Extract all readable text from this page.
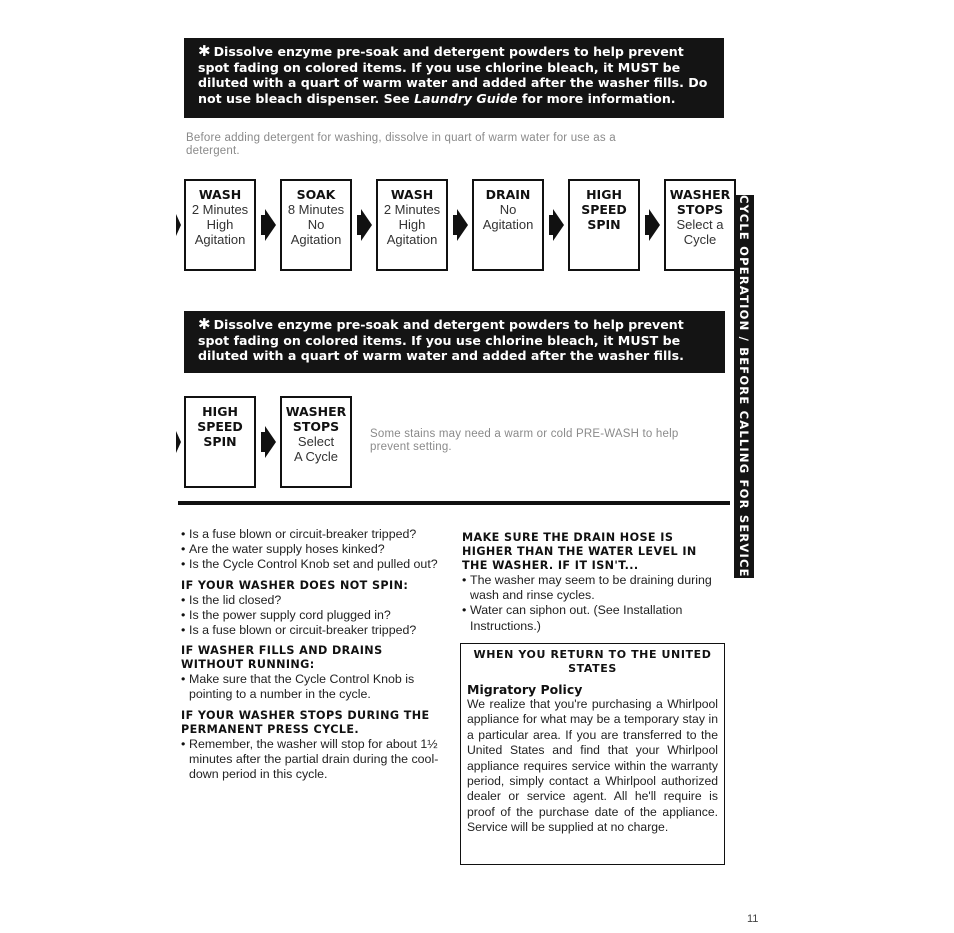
✱ Dissolve enzyme pre-soak and detergent powders to help prevent spot fading on colored items. If you use chlorine bleach, it MUST be diluted with a quart of warm water and added after the washer fills. Do not use bleach dispenser. See Laundry Guide for more information.
Before adding detergent for washing, dissolve in quart of warm water for use as a detergent.
WASH
2 Minutes
High
Agitation
SOAK
8 Minutes
No
Agitation
WASH
2 Minutes
High
Agitation
DRAIN
No
Agitation
HIGH
SPEED
SPIN
WASHER
STOPS
Select a
Cycle	CYCLE OPERATION / BEFORE CALLING FOR SERVICE
✱ Dissolve enzyme pre-soak and detergent powders to help prevent spot fading on colored items. If you use chlorine bleach, it MUST be diluted with a quart of warm water and added after the washer fills.
HIGH
SPEED
SPIN
WASHER
STOPS
Select
A Cycle
Some stains may need a warm or cold PRE-WASH to help prevent setting.
• Is a fuse blown or circuit-breaker tripped?
• Are the water supply hoses kinked?
• Is the Cycle Control Knob set and pulled out?

IF YOUR WASHER DOES NOT SPIN:

• Is the lid closed?
• Is the power supply cord plugged in?
• Is a fuse blown or circuit-breaker tripped?

IF WASHER FILLS AND DRAINS WITHOUT RUNNING:

• Make sure that the Cycle Control Knob is pointing to a number in the cycle.

IF YOUR WASHER STOPS DURING THE PERMANENT PRESS CYCLE.

• Remember, the washer will stop for about 1½ minutes after the partial drain during the cool-down period in this cycle.

MAKE SURE THE DRAIN HOSE IS HIGHER THAN THE WATER LEVEL IN THE WASHER. IF IT ISN'T...

• The washer may seem to be draining during wash and rinse cycles.
• Water can siphon out. (See Installation Instructions.)

WHEN YOU RETURN TO THE UNITED STATES

Migratory Policy

We realize that you're purchasing a Whirlpool appliance for what may be a temporary stay in a particular area. If you are transferred to the United States and find that your Whirlpool appliance requires service within the warranty period, simply contact a Whirlpool authorized dealer or service agent. All he'll require is proof of the purchase date of the appliance. Service will be supplied at no charge.

11
